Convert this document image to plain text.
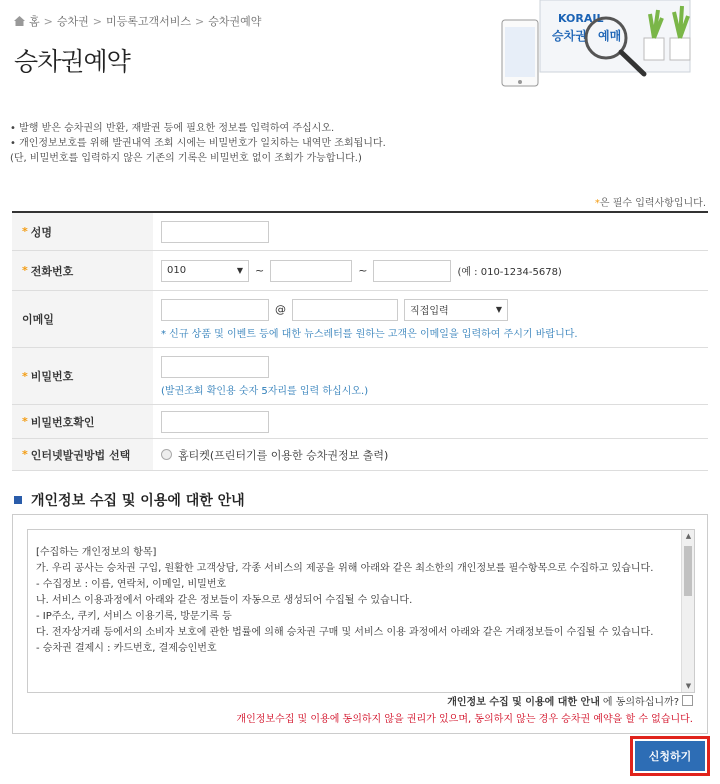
홈 > 승차권 > 미등록고객서비스 > 승차권예약
승차권예약
KORAIL
승차권 예매
• 발행 받은 승차권의 반환, 재발권 등에 필요한 정보를 입력하여 주십시오.
• 개인정보보호를 위해 발권내역 조회 시에는 비밀번호가 일치하는 내역만 조회됩니다.
(단, 비밀번호를 입력하지 않은 기존의 기록은 비밀번호 없이 조회가 가능합니다.)
*은 필수 입력사항입니다.
* 성명
* 전화번호	010	▼ ~	~	(예 : 010-1234-5678)
이메일
@	직접입력	▼
* 신규 상품 및 이벤트 등에 대한 뉴스레터를 원하는 고객은 이메일을 입력하여 주시기 바랍니다.
* 비밀번호
(발권조회 확인용 숫자 5자리를 입력 하십시오.)
* 비밀번호확인
* 인터넷발권방법 선택	홈티켓(프린터기를 이용한 승차권정보 출력)
개인정보 수집 및 이용에 대한 안내
[수집하는 개인정보의 항목]
가. 우리 공사는 승차권 구입, 원활한 고객상담, 각종 서비스의 제공을 위해 아래와 같은 최소한의 개인정보를 필수항목으로 수집하고 있습니다.
- 수집정보 : 이름, 연락처, 이메일, 비밀번호
나. 서비스 이용과정에서 아래와 같은 정보들이 자동으로 생성되어 수집될 수 있습니다.
- IP주소, 쿠키, 서비스 이용기록, 방문기록 등
다. 전자상거래 등에서의 소비자 보호에 관한 법률에 의해 승차권 구매 및 서비스 이용 과정에서 아래와 같은 거래정보들이 수집될 수 있습니다.
- 승차권 결제시 : 카드번호, 결제승인번호
▲
▼
개인정보 수집 및 이용에 대한 안내 에 동의하십니까?
개인정보수집 및 이용에 동의하지 않을 권리가 있으며, 동의하지 않는 경우 승차권 예약을 할 수 없습니다.
신청하기
